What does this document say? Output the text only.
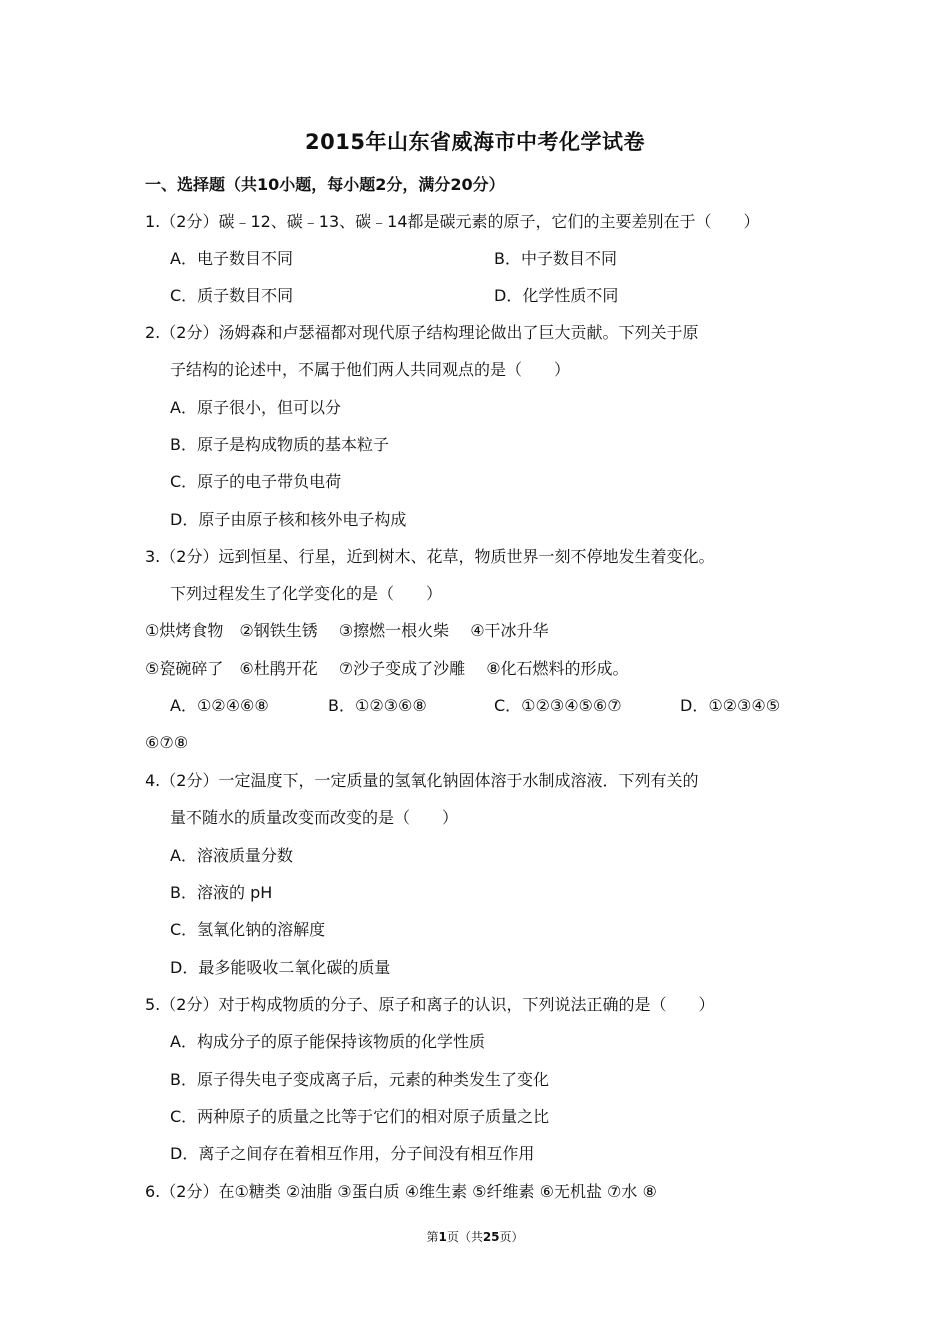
2015年山东省威海市中考化学试卷
一、选择题（共10小题，每小题2分，满分20分）
1.（2分）碳﹣12、碳﹣13、碳﹣14都是碳元素的原子，它们的主要差别在于（　　）
A．电子数目不同	B．中子数目不同
C．质子数目不同	D．化学性质不同
2.（2分）汤姆森和卢瑟福都对现代原子结构理论做出了巨大贡献。下列关于原
子结构的论述中，不属于他们两人共同观点的是（　　）
A．原子很小，但可以分
B．原子是构成物质的基本粒子
C．原子的电子带负电荷
D．原子由原子核和核外电子构成
3.（2分）远到恒星、行星，近到树木、花草，物质世界一刻不停地发生着变化。
下列过程发生了化学变化的是（　　）
①烘烤食物　②钢铁生锈　 ③擦燃一根火柴　 ④干冰升华
⑤瓷碗碎了　⑥杜鹃开花　 ⑦沙子变成了沙雕　 ⑧化石燃料的形成。
A．①②④⑥⑧	B．①②③⑥⑧	C．①②③④⑤⑥⑦	D．①②③④⑤
⑥⑦⑧
4.（2分）一定温度下，一定质量的氢氧化钠固体溶于水制成溶液．下列有关的
量不随水的质量改变而改变的是（　　）
A．溶液质量分数
B．溶液的 pH
C．氢氧化钠的溶解度
D．最多能吸收二氧化碳的质量
5.（2分）对于构成物质的分子、原子和离子的认识，下列说法正确的是（　　）
A．构成分子的原子能保持该物质的化学性质
B．原子得失电子变成离子后，元素的种类发生了变化
C．两种原子的质量之比等于它们的相对原子质量之比
D．离子之间存在着相互作用，分子间没有相互作用
6.（2分）在①糖类 ②油脂 ③蛋白质 ④维生素 ⑤纤维素 ⑥无机盐 ⑦水 ⑧
第1页（共25页）
